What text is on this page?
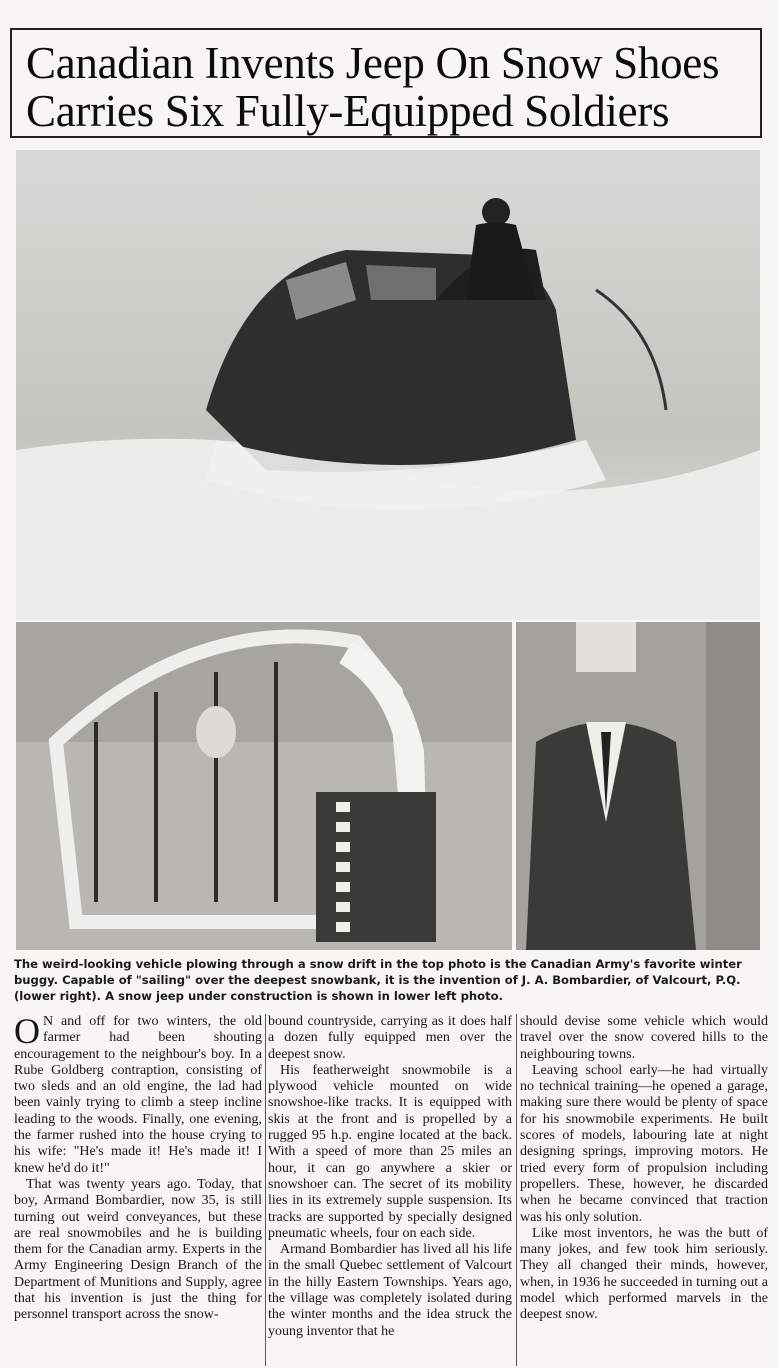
Canadian Invents Jeep On Snow Shoes
Carries Six Fully-Equipped Soldiers
The weird-looking vehicle plowing through a snow drift in the top photo is the Canadian Army's favorite winter buggy. Capable of "sailing" over the deepest snowbank, it is the invention of J. A. Bombardier, of Valcourt, P.Q. (lower right). A snow jeep under construction is shown in lower left photo.

O N and off for two winters, the old farmer had been shouting encouragement to the neighbour's boy. In a Rube Goldberg contraption, consisting of two sleds and an old engine, the lad had been vainly trying to climb a steep incline leading to the woods. Finally, one evening, the farmer rushed into the house crying to his wife: "He's made it! He's made it! I knew he'd do it!"

That was twenty years ago. Today, that boy, Armand Bombardier, now 35, is still turning out weird conveyances, but these are real snowmobiles and he is building them for the Canadian army. Experts in the Army Engineering Design Branch of the Department of Munitions and Supply, agree that his invention is just the thing for personnel transport across the snow-

bound countryside, carrying as it does half a dozen fully equipped men over the deepest snow.

His featherweight snowmobile is a plywood vehicle mounted on wide snowshoe-like tracks. It is equipped with skis at the front and is propelled by a rugged 95 h.p. engine located at the back. With a speed of more than 25 miles an hour, it can go anywhere a skier or snowshoer can. The secret of its mobility lies in its extremely supple suspension. Its tracks are supported by specially designed pneumatic wheels, four on each side.

Armand Bombardier has lived all his life in the small Quebec settlement of Valcourt in the hilly Eastern Townships. Years ago, the village was completely isolated during the winter months and the idea struck the young inventor that he

should devise some vehicle which would travel over the snow covered hills to the neighbouring towns.

Leaving school early—he had virtually no technical training—he opened a garage, making sure there would be plenty of space for his snowmobile experiments. He built scores of models, labouring late at night designing springs, improving motors. He tried every form of propulsion including propellers. These, however, he discarded when he became convinced that traction was his only solution.

Like most inventors, he was the butt of many jokes, and few took him seriously. They all changed their minds, however, when, in 1936 he succeeded in turning out a model which performed marvels in the deepest snow.
